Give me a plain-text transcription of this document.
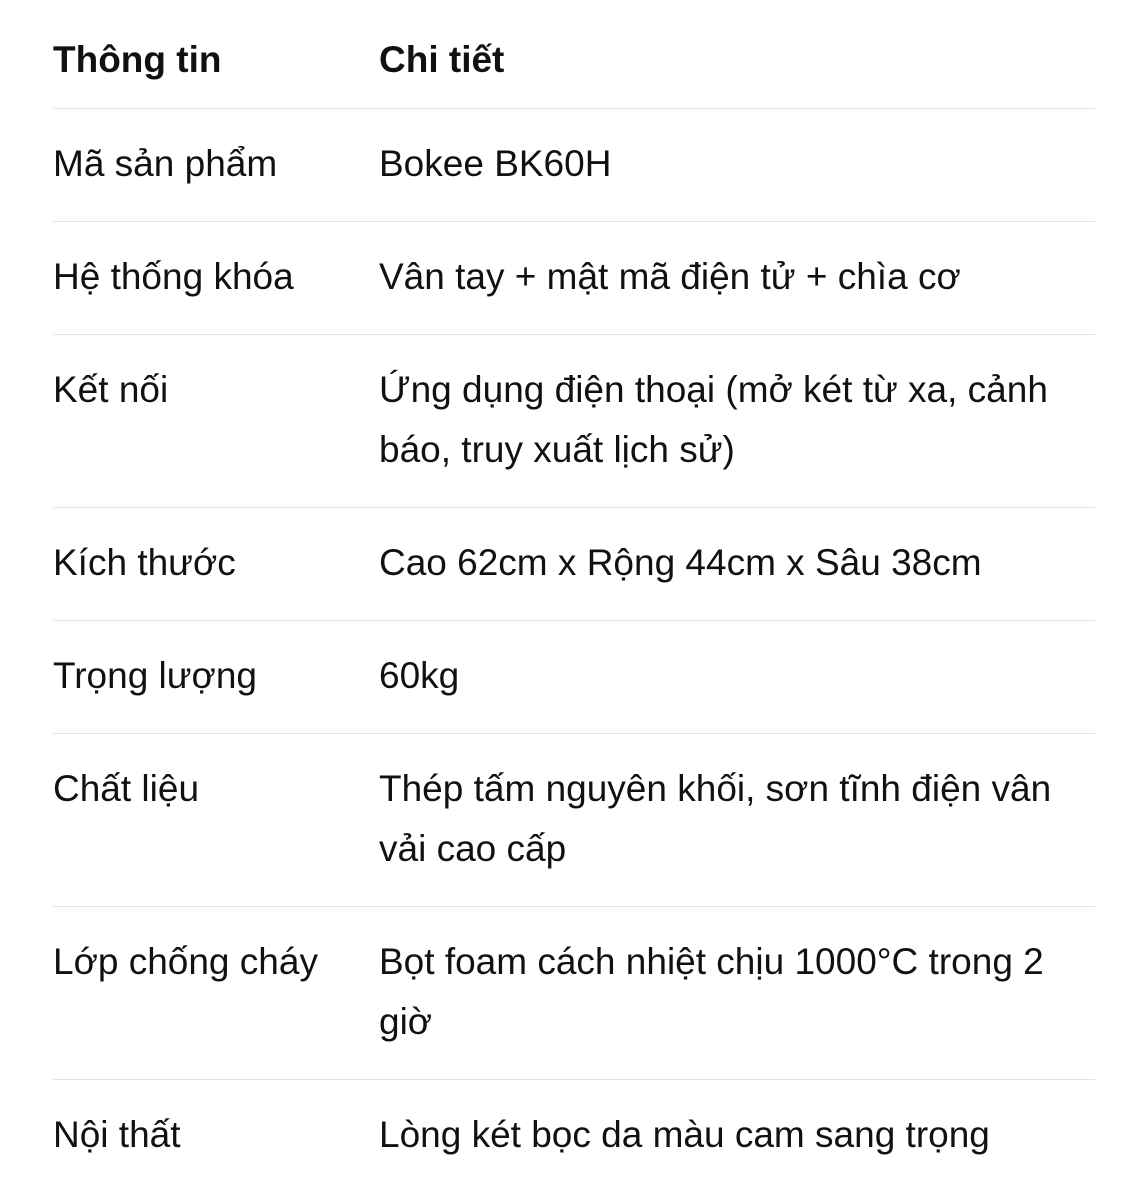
Thông tin	Chi tiết
Mã sản phẩm	Bokee BK60H
Hệ thống khóa	Vân tay + mật mã điện tử + chìa cơ
Kết nối	Ứng dụng điện thoại (mở két từ xa, cảnh báo, truy xuất lịch sử)
Kích thước	Cao 62cm x Rộng 44cm x Sâu 38cm
Trọng lượng	60kg
Chất liệu	Thép tấm nguyên khối, sơn tĩnh điện vân vải cao cấp
Lớp chống cháy	Bọt foam cách nhiệt chịu 1000°C trong 2 giờ
Nội thất	Lòng két bọc da màu cam sang trọng
